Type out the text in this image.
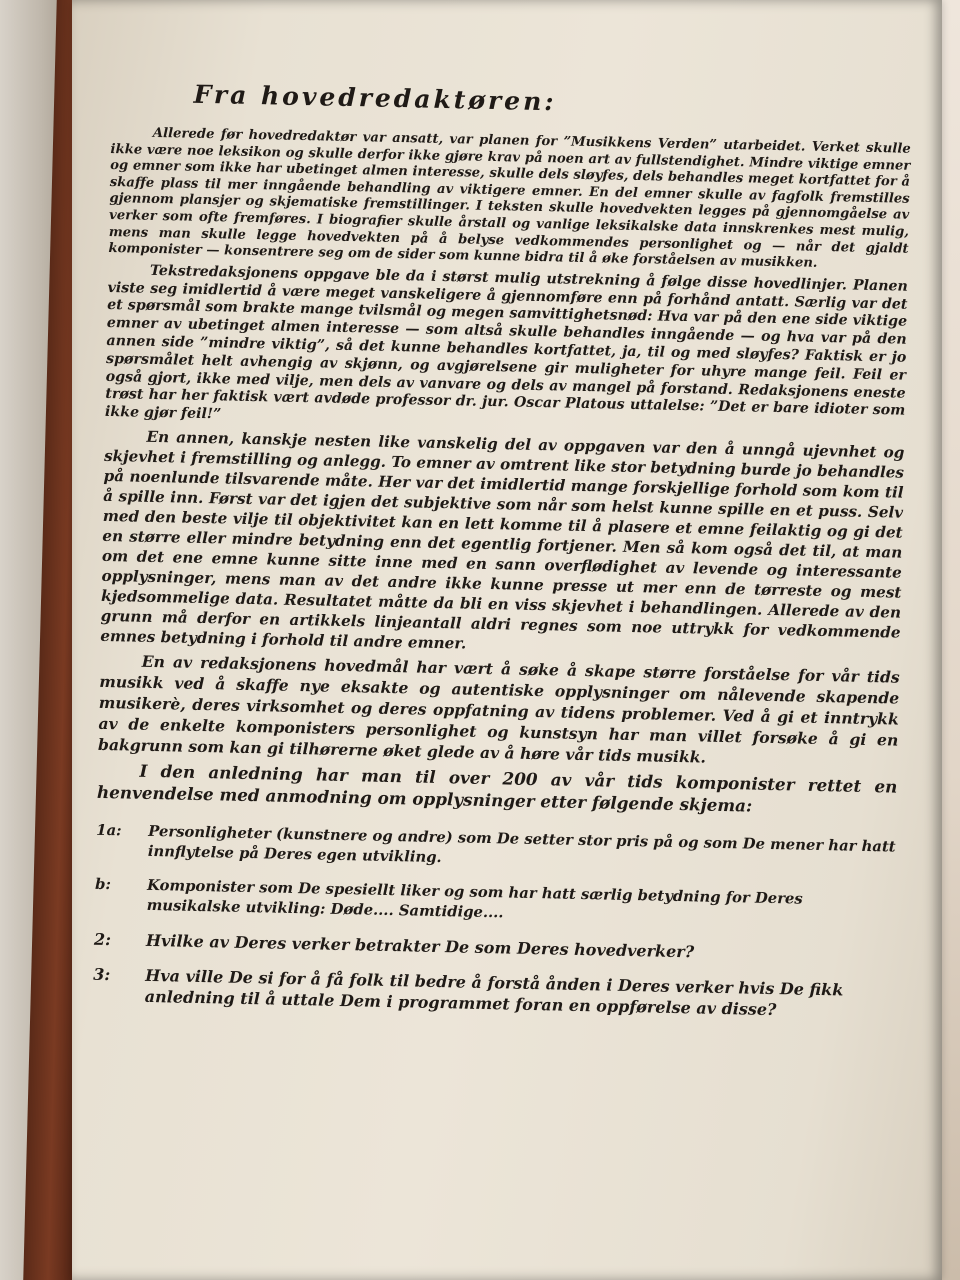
Fra hovedredaktøren:

Allerede før hovedredaktør var ansatt, var planen for ”Musikkens Verden” utarbeidet. Verket skulle ikke være noe leksikon og skulle derfor ikke gjøre krav på noen art av fullstendighet. Mindre viktige emner og emner som ikke har ubetinget almen interesse, skulle dels sløyfes, dels behandles meget kortfattet for å skaffe plass til mer inngående behandling av viktigere emner. En del emner skulle av fagfolk fremstilles gjennom plansjer og skjematiske fremstillinger. I teksten skulle hovedvekten legges på gjennomgåelse av verker som ofte fremføres. I biografier skulle årstall og vanlige leksikalske data innskrenkes mest mulig, mens man skulle legge hovedvekten på å belyse vedkommendes personlighet og — når det gjaldt komponister — konsentrere seg om de sider som kunne bidra til å øke forståelsen av musikken.

Tekstredaksjonens oppgave ble da i størst mulig utstrekning å følge disse hovedlinjer. Planen viste seg imidlertid å være meget vanskeligere å gjennomføre enn på forhånd antatt. Særlig var det et spørsmål som brakte mange tvilsmål og megen samvittighetsnød: Hva var på den ene side viktige emner av ubetinget almen interesse — som altså skulle behandles inngående — og hva var på den annen side ”mindre viktig”, så det kunne behandles kortfattet, ja, til og med sløyfes? Faktisk er jo spørsmålet helt avhengig av skjønn, og avgjørelsene gir muligheter for uhyre mange feil. Feil er også gjort, ikke med vilje, men dels av vanvare og dels av mangel på forstand. Redaksjonens eneste trøst har her faktisk vært avdøde professor dr. jur. Oscar Platous uttalelse: ”Det er bare idioter som ikke gjør feil!”

En annen, kanskje nesten like vanskelig del av oppgaven var den å unngå ujevnhet og skjevhet i fremstilling og anlegg. To emner av omtrent like stor betydning burde jo behandles på noenlunde tilsvarende måte. Her var det imidlertid mange forskjellige forhold som kom til å spille inn. Først var det igjen det subjektive som når som helst kunne spille en et puss. Selv med den beste vilje til objektivitet kan en lett komme til å plasere et emne feilaktig og gi det en større eller mindre betydning enn det egentlig fortjener. Men så kom også det til, at man om det ene emne kunne sitte inne med en sann overflødighet av levende og interessante opplysninger, mens man av det andre ikke kunne presse ut mer enn de tørreste og mest kjedsommelige data. Resultatet måtte da bli en viss skjevhet i behandlingen. Allerede av den grunn må derfor en artikkels linjeantall aldri regnes som noe uttrykk for vedkommende emnes betydning i forhold til andre emner.

En av redaksjonens hovedmål har vært å søke å skape større forståelse for vår tids musikk ved å skaffe nye eksakte og autentiske opplysninger om nålevende skapende musikerè, deres virksomhet og deres oppfatning av tidens problemer. Ved å gi et inntrykk av de enkelte komponisters personlighet og kunstsyn har man villet forsøke å gi en bakgrunn som kan gi tilhørerne øket glede av å høre vår tids musikk.

I den anledning har man til over 200 av vår tids komponister rettet en henvendelse med anmodning om opplysninger etter følgende skjema:

1a:	Personligheter (kunstnere og andre) som De setter stor pris på og som De mener har hatt innflytelse på Deres egen utvikling.
b:	Komponister som De spesiellt liker og som har hatt særlig betydning for Deres musikalske utvikling: Døde.... Samtidige....
2:	Hvilke av Deres verker betrakter De som Deres hovedverker?
3:	Hva ville De si for å få folk til bedre å forstå ånden i Deres verker hvis De fikk anledning til å uttale Dem i programmet foran en oppførelse av disse?
